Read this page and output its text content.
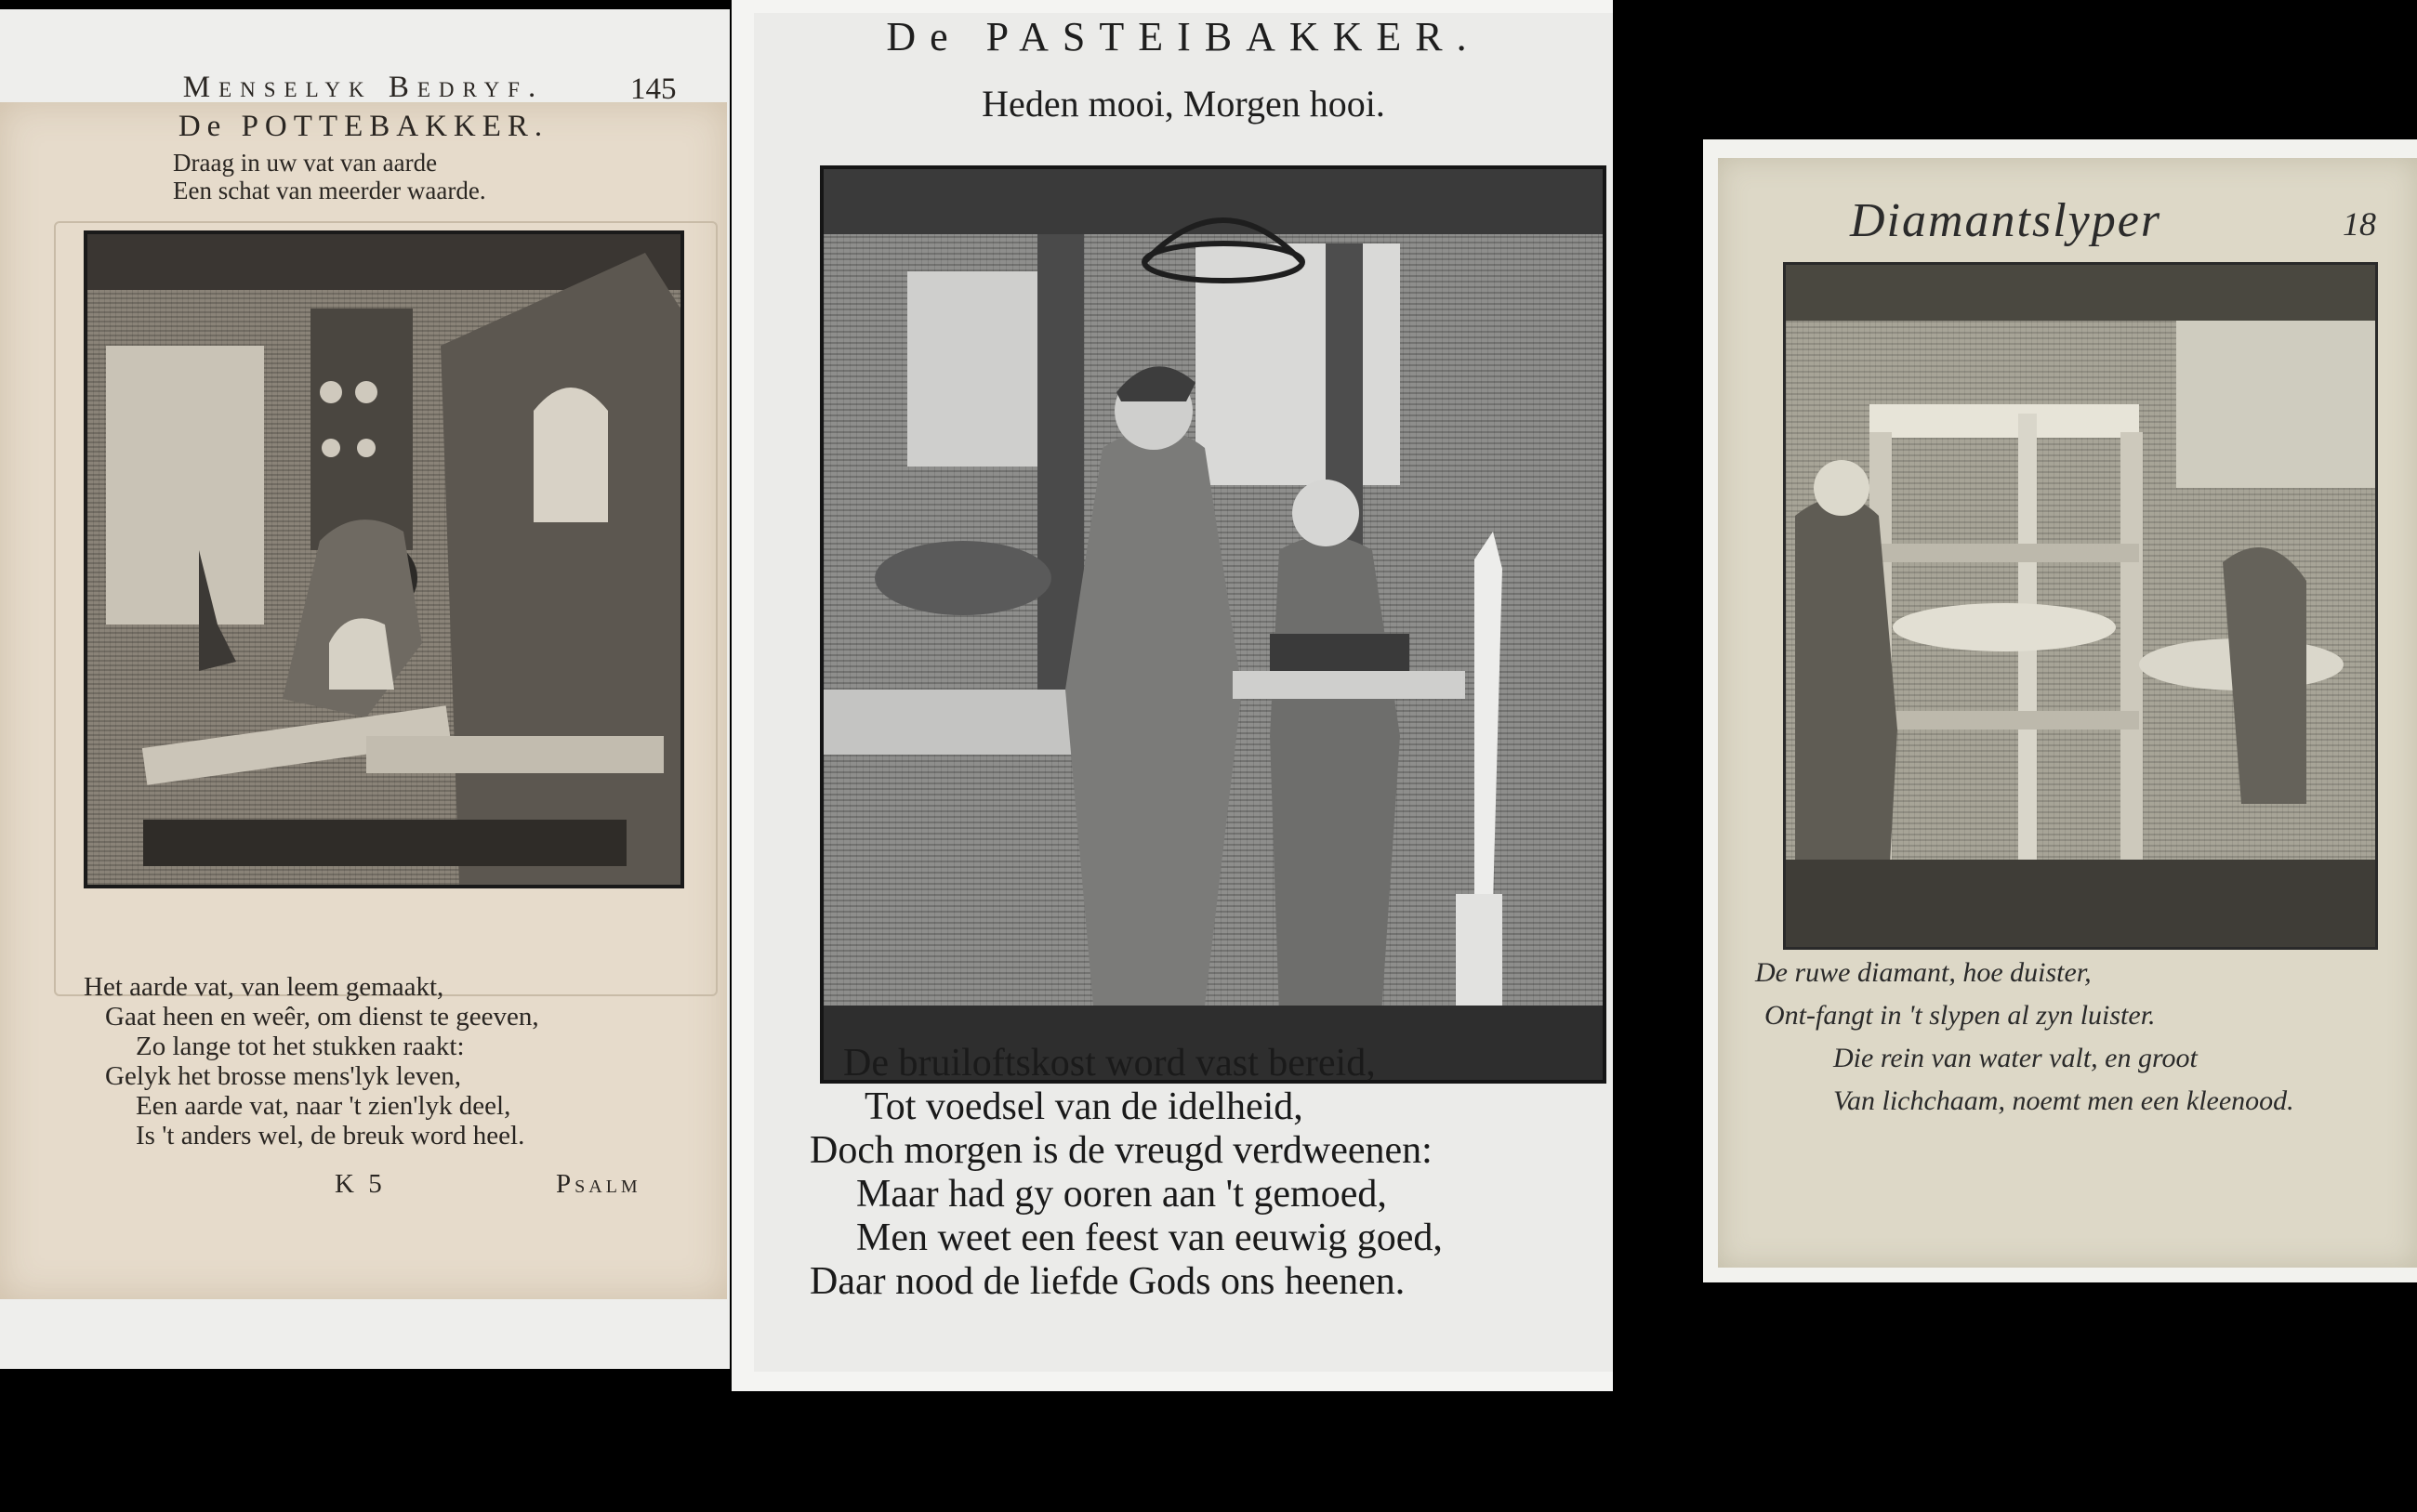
Menselyk Bedryf.	145
De POTTEBAKKER.
Draag in uw vat van aarde
Een schat van meerder waarde.
Het aarde vat, van leem gemaakt,
Gaat heen en weêr, om dienst te geeven,
Zo lange tot het stukken raakt:
Gelyk het brosse mens'lyk leven,
Een aarde vat, naar 't zien'lyk deel,
Is 't anders wel, de breuk word heel.
K 5	Psalm
De PASTEIBAKKER.
Heden mooi, Morgen hooi.
De bruiloftskost word vast bereid,
Tot voedsel van de idelheid,
Doch morgen is de vreugd verdweenen:
Maar had gy ooren aan 't gemoed,
Men weet een feest van eeuwig goed,
Daar nood de liefde Gods ons heenen.
Diamantslyper	18
De ruwe diamant, hoe duister,
Ont-fangt in 't slypen al zyn luister.
Die rein van water valt, en groot
Van lichchaam, noemt men een kleenood.
